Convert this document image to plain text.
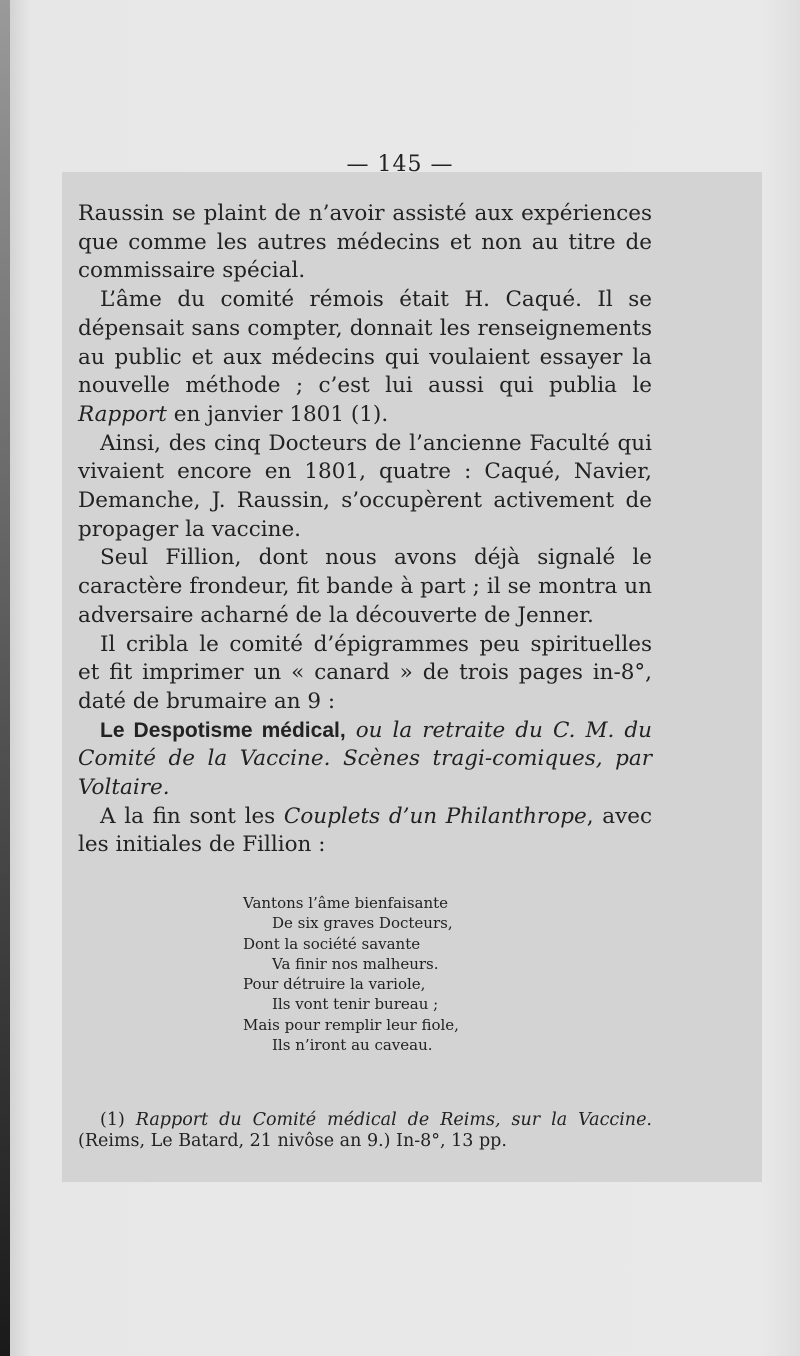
— 145 —

Raussin se plaint de n’avoir assisté aux expériences que comme les autres médecins et non au titre de commissaire spécial.

L’âme du comité rémois était H. Caqué. Il se dépensait sans compter, donnait les renseignements au public et aux médecins qui voulaient essayer la nouvelle méthode ; c’est lui aussi qui publia le Rapport en janvier 1801 (1).

Ainsi, des cinq Docteurs de l’ancienne Faculté qui vivaient encore en 1801, quatre : Caqué, Navier, Demanche, J. Raussin, s’occupèrent activement de propager la vaccine.

Seul Fillion, dont nous avons déjà signalé le caractère frondeur, fit bande à part ; il se montra un adversaire acharné de la découverte de Jenner.

Il cribla le comité d’épigrammes peu spirituelles et fit imprimer un « canard » de trois pages in-8°, daté de brumaire an 9 :

Le Despotisme médical, ou la retraite du C. M. du Comité de la Vaccine. Scènes tragi-comiques, par Voltaire.

A la fin sont les Couplets d’un Philanthrope, avec les initiales de Fillion :

Vantons l’âme bienfaisante
De six graves Docteurs,
Dont la société savante
Va finir nos malheurs.
Pour détruire la variole,
Ils vont tenir bureau ;
Mais pour remplir leur fiole,
Ils n’iront au caveau.

(1) Rapport du Comité médical de Reims, sur la Vaccine. (Reims, Le Batard, 21 nivôse an 9.) In-8°, 13 pp.
